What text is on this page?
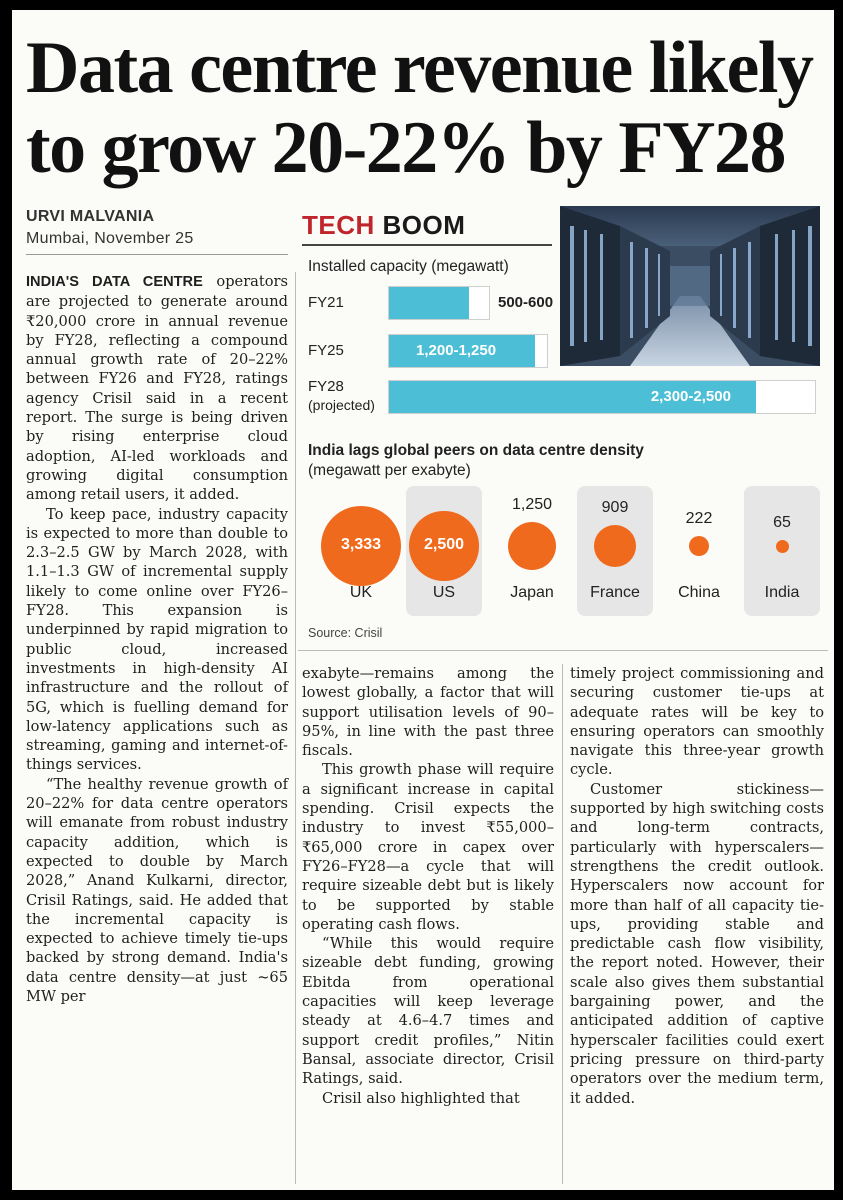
Data centre revenue likely
to grow 20-22% by FY28
URVI MALVANIA
Mumbai, November 25

INDIA'S DATA CENTRE operators are projected to generate around ₹20,000 crore in annual revenue by FY28, reflecting a compound annual growth rate of 20–22% between FY26 and FY28, ratings agency Crisil said in a recent report. The surge is being driven by rising enterprise cloud adoption, AI-led workloads and growing digital consumption among retail users, it added.

To keep pace, industry capacity is expected to more than double to 2.3–2.5 GW by March 2028, with 1.1–1.3 GW of incremental supply likely to come online over FY26–FY28. This expansion is underpinned by rapid migration to public cloud, increased investments in high-density AI infrastructure and the rollout of 5G, which is fuelling demand for low-latency applications such as streaming, gaming and internet-of-things services.

“The healthy revenue growth of 20–22% for data centre operators will emanate from robust industry capacity addition, which is expected to double by March 2028,” Anand Kulkarni, director, Crisil Ratings, said. He added that the incremental capacity is expected to achieve timely tie-ups backed by strong demand. India's data centre density—at just ~65 MW per

TECH BOOM
Installed capacity (megawatt)
500-600
1,200-1,250
2,300-2,500
India lags global peers on data centre density
(megawatt per exabyte)
3,333
UK
2,500
US
1,250
Japan
909
France
222
China
65
India
Source: Crisil

exabyte—remains among the lowest globally, a factor that will support utilisation levels of 90–95%, in line with the past three fiscals.

This growth phase will require a significant increase in capital spending. Crisil expects the industry to invest ₹55,000–₹65,000 crore in capex over FY26–FY28—a cycle that will require sizeable debt but is likely to be supported by stable operating cash flows.

“While this would require sizeable debt funding, growing Ebitda from operational capacities will keep leverage steady at 4.6–4.7 times and support credit profiles,” Nitin Bansal, associate director, Crisil Ratings, said.

Crisil also highlighted that

timely project commissioning and securing customer tie-ups at adequate rates will be key to ensuring operators can smoothly navigate this three-year growth cycle.

Customer stickiness—supported by high switching costs and long-term contracts, particularly with hyperscalers—strengthens the credit outlook. Hyperscalers now account for more than half of all capacity tie-ups, providing stable and predictable cash flow visibility, the report noted. However, their scale also gives them substantial bargaining power, and the anticipated addition of captive hyperscaler facilities could exert pricing pressure on third-party operators over the medium term, it added.

FY21
FY25
FY28
(projected)
